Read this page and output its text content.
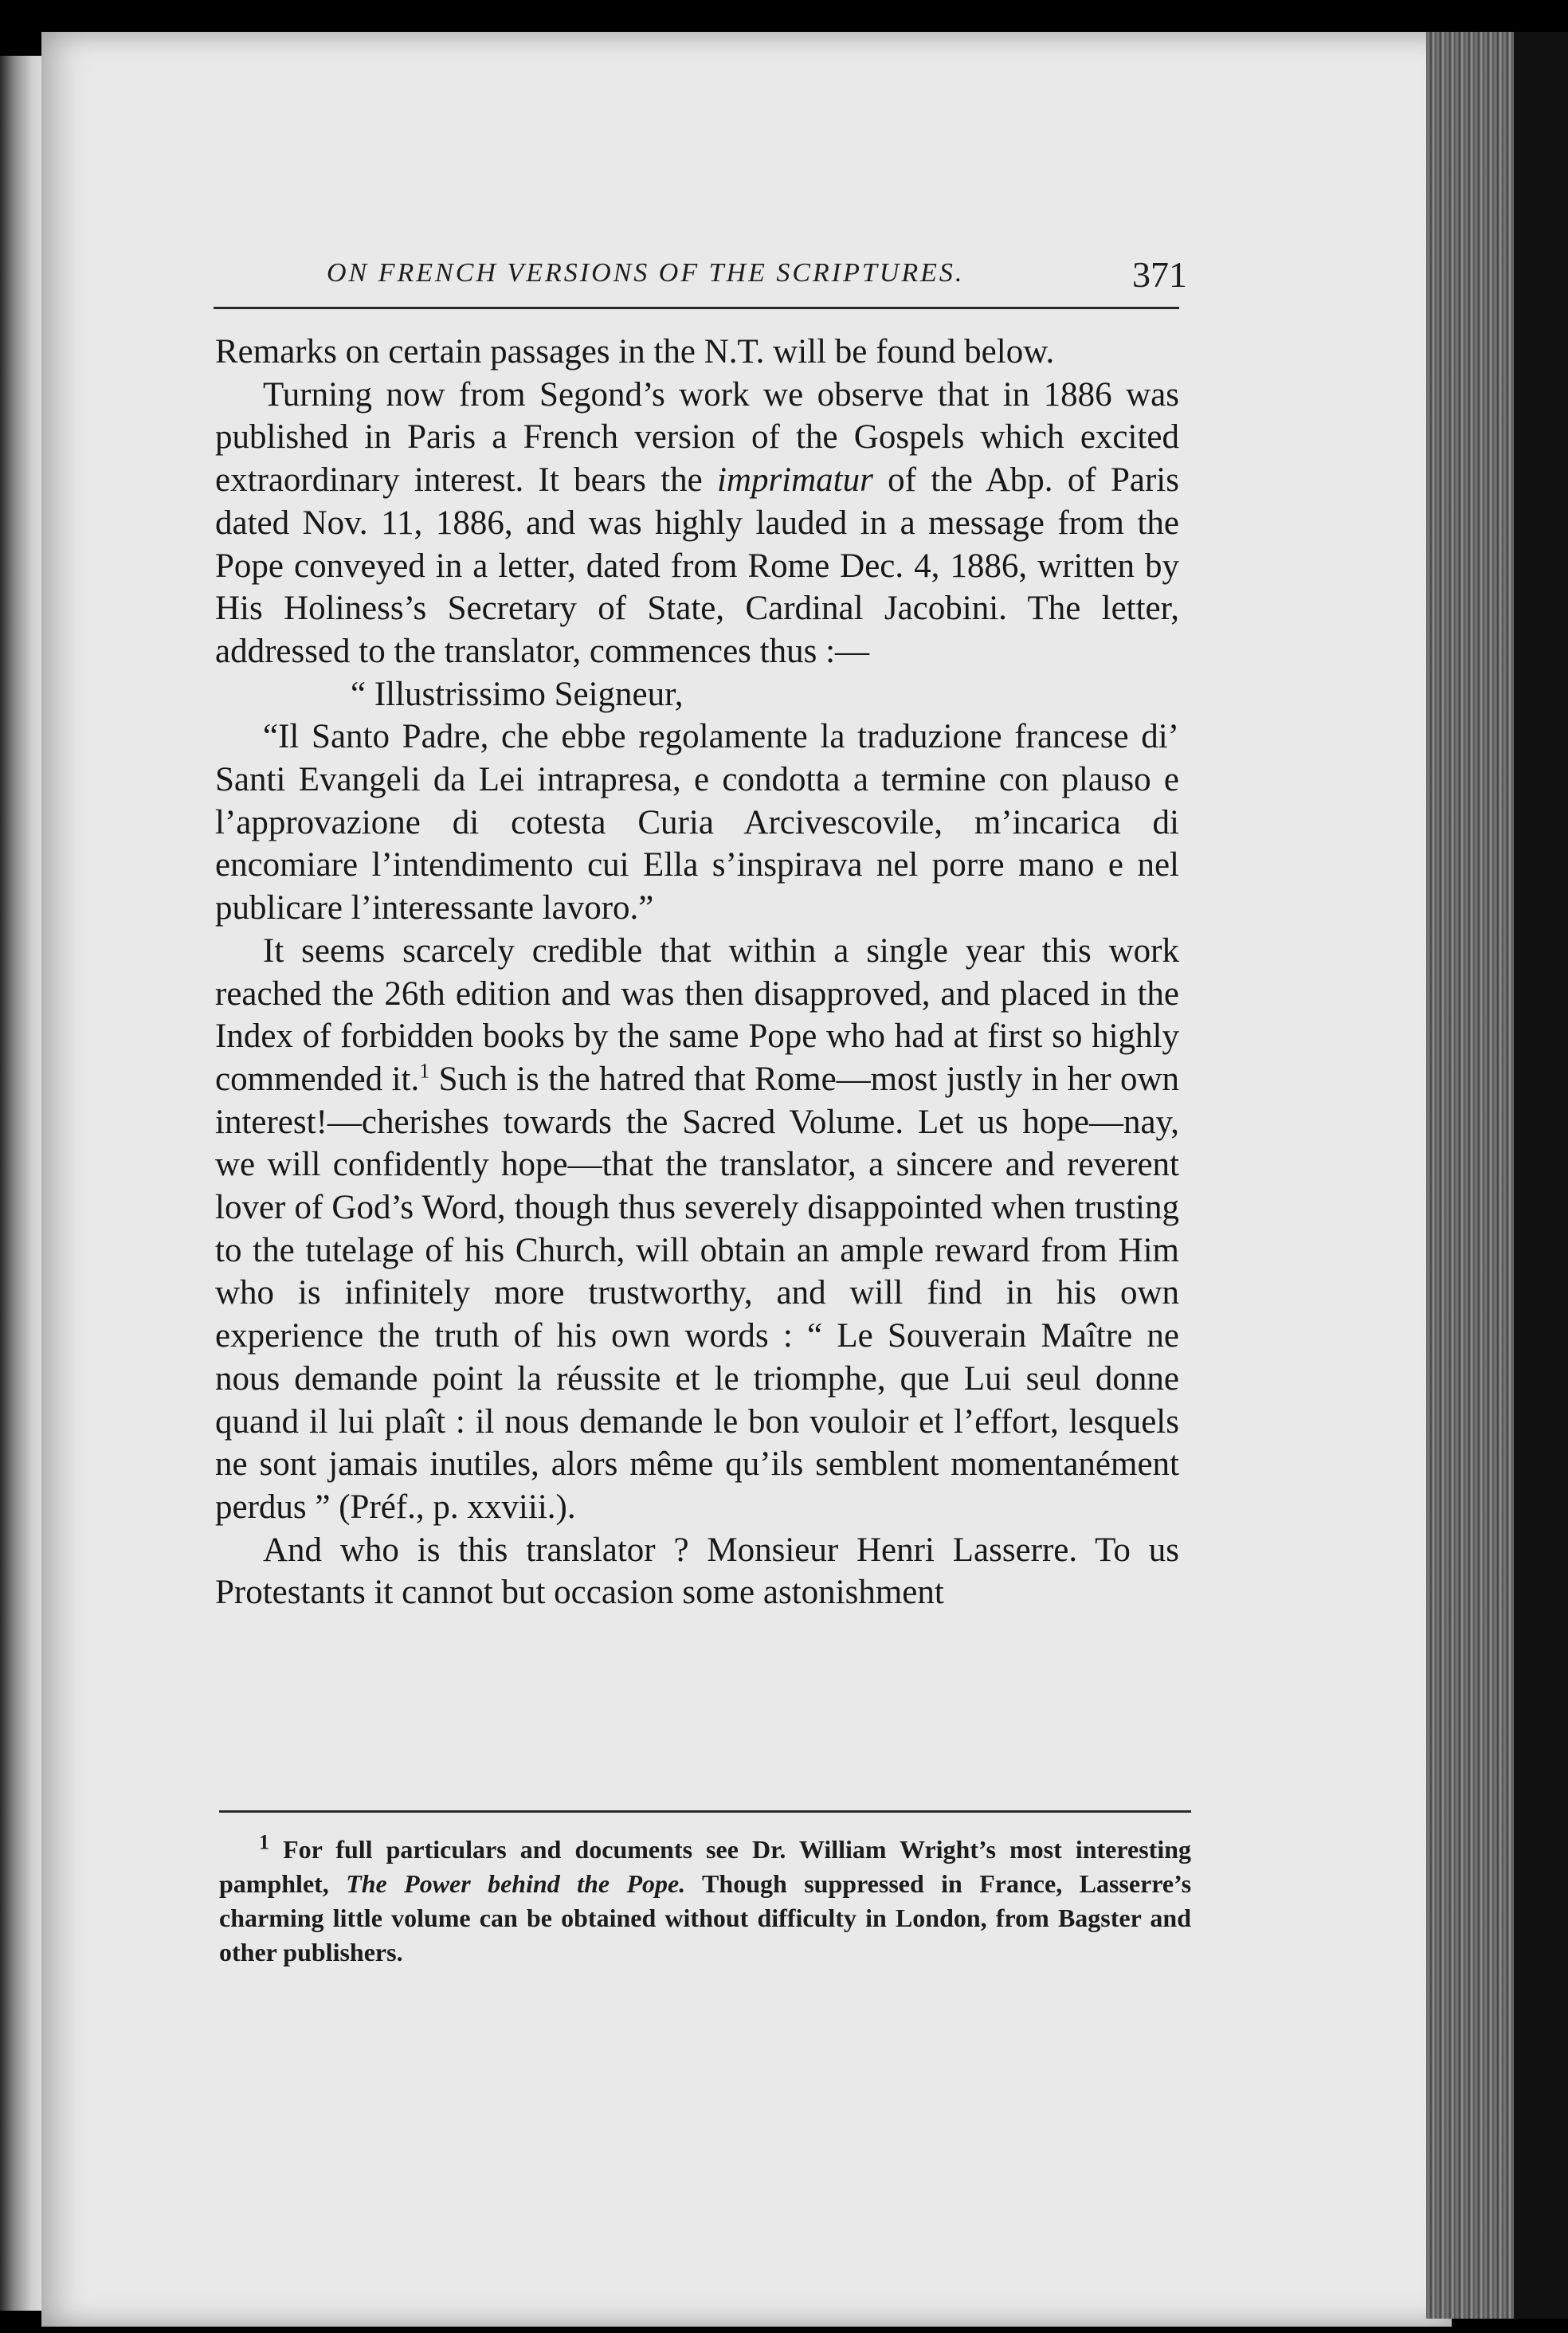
ON FRENCH VERSIONS OF THE SCRIPTURES.	371

Remarks on certain passages in the N.T. will be found below.

Turning now from Segond’s work we observe that in 1886 was published in Paris a French version of the Gospels which excited extraordinary interest. It bears the imprimatur of the Abp. of Paris dated Nov. 11, 1886, and was highly lauded in a message from the Pope conveyed in a letter, dated from Rome Dec. 4, 1886, written by His Holiness’s Secretary of State, Cardinal Jacobini. The letter, addressed to the translator, commences thus :—

“ Illustrissimo Seigneur,

“Il Santo Padre, che ebbe regolamente la traduzione francese di’ Santi Evangeli da Lei intrapresa, e condotta a termine con plauso e l’approvazione di cotesta Curia Arcivescovile, m’incarica di encomiare l’intendimento cui Ella s’inspirava nel porre mano e nel publicare l’interessante lavoro.”

It seems scarcely credible that within a single year this work reached the 26th edition and was then disapproved, and placed in the Index of forbidden books by the same Pope who had at first so highly commended it.$^1$ Such is the hatred that Rome—most justly in her own interest!—cherishes towards the Sacred Volume. Let us hope—nay, we will confidently hope—that the translator, a sincere and reverent lover of God’s Word, though thus severely disappointed when trusting to the tutelage of his Church, will obtain an ample reward from Him who is infinitely more trustworthy, and will find in his own experience the truth of his own words : “ Le Souverain Maître ne nous demande point la réussite et le triomphe, que Lui seul donne quand il lui plaît : il nous demande le bon vouloir et l’effort, lesquels ne sont jamais inutiles, alors même qu’ils semblent momentanément perdus ” (Préf., p. xxviii.).

And who is this translator ? Monsieur Henri Lasserre. To us Protestants it cannot but occasion some astonishment

$^1$ For full particulars and documents see Dr. William Wright’s most interesting pamphlet, The Power behind the Pope. Though suppressed in France, Lasserre’s charming little volume can be obtained without difficulty in London, from Bagster and other publishers.
